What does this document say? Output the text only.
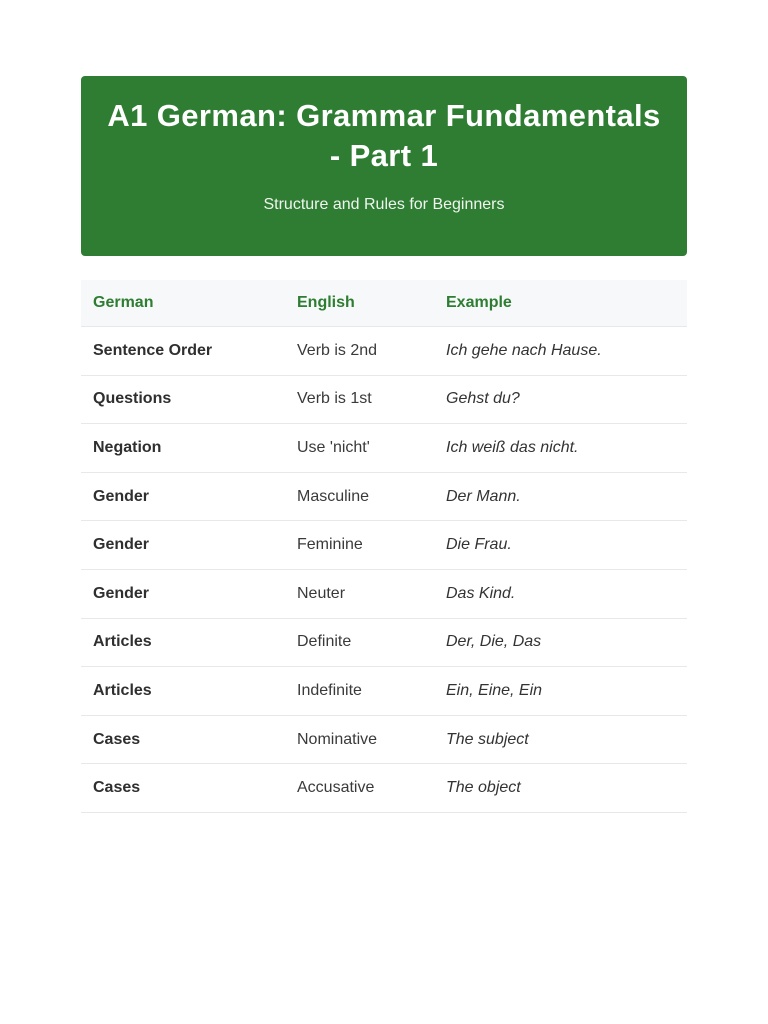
A1 German: Grammar Fundamentals - Part 1
Structure and Rules for Beginners
German	English	Example
Sentence Order	Verb is 2nd	Ich gehe nach Hause.
Questions	Verb is 1st	Gehst du?
Negation	Use 'nicht'	Ich weiß das nicht.
Gender	Masculine	Der Mann.
Gender	Feminine	Die Frau.
Gender	Neuter	Das Kind.
Articles	Definite	Der, Die, Das
Articles	Indefinite	Ein, Eine, Ein
Cases	Nominative	The subject
Cases	Accusative	The object
